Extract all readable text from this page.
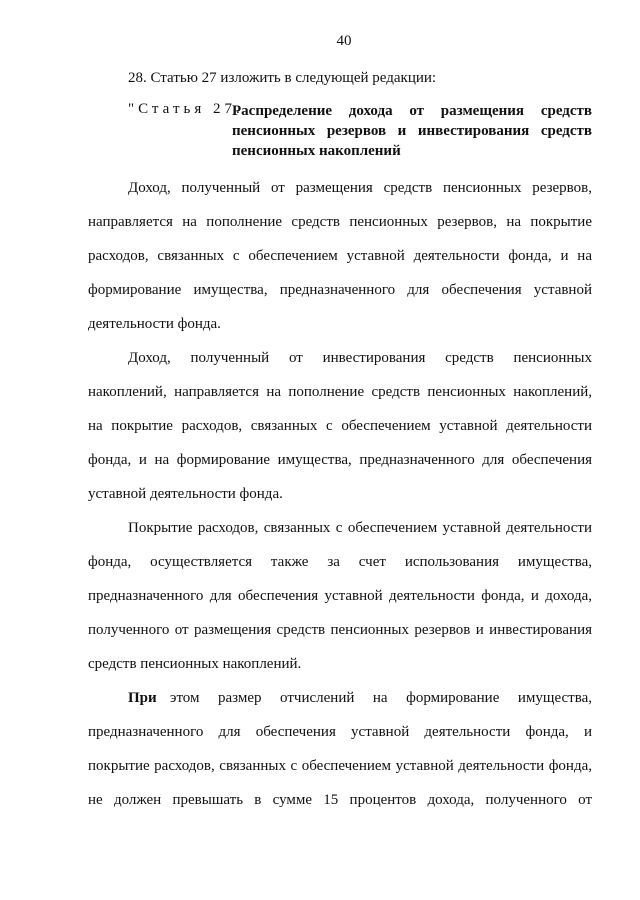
40
28. Статью 27 изложить в следующей редакции:
"Статья 27.
Распределение дохода от размещения средств
пенсионных резервов и инвестирования средств
пенсионных накоплений
Доход, полученный от размещения средств пенсионных резервов,
направляется на пополнение средств пенсионных резервов, на покрытие
расходов, связанных с обеспечением уставной деятельности фонда, и на
формирование имущества, предназначенного для обеспечения уставной
деятельности фонда.
Доход, полученный от инвестирования средств пенсионных
накоплений, направляется на пополнение средств пенсионных накоплений,
на покрытие расходов, связанных с обеспечением уставной деятельности
фонда, и на формирование имущества, предназначенного для обеспечения
уставной деятельности фонда.
Покрытие расходов, связанных с обеспечением уставной деятельности
фонда, осуществляется также за счет использования имущества,
предназначенного для обеспечения уставной деятельности фонда, и дохода,
полученного от размещения средств пенсионных резервов и инвестирования
средств пенсионных накоплений.
При этом размер отчислений на формирование имущества,
предназначенного для обеспечения уставной деятельности фонда, и
покрытие расходов, связанных с обеспечением уставной деятельности фонда,
не должен превышать в сумме 15 процентов дохода, полученного от
